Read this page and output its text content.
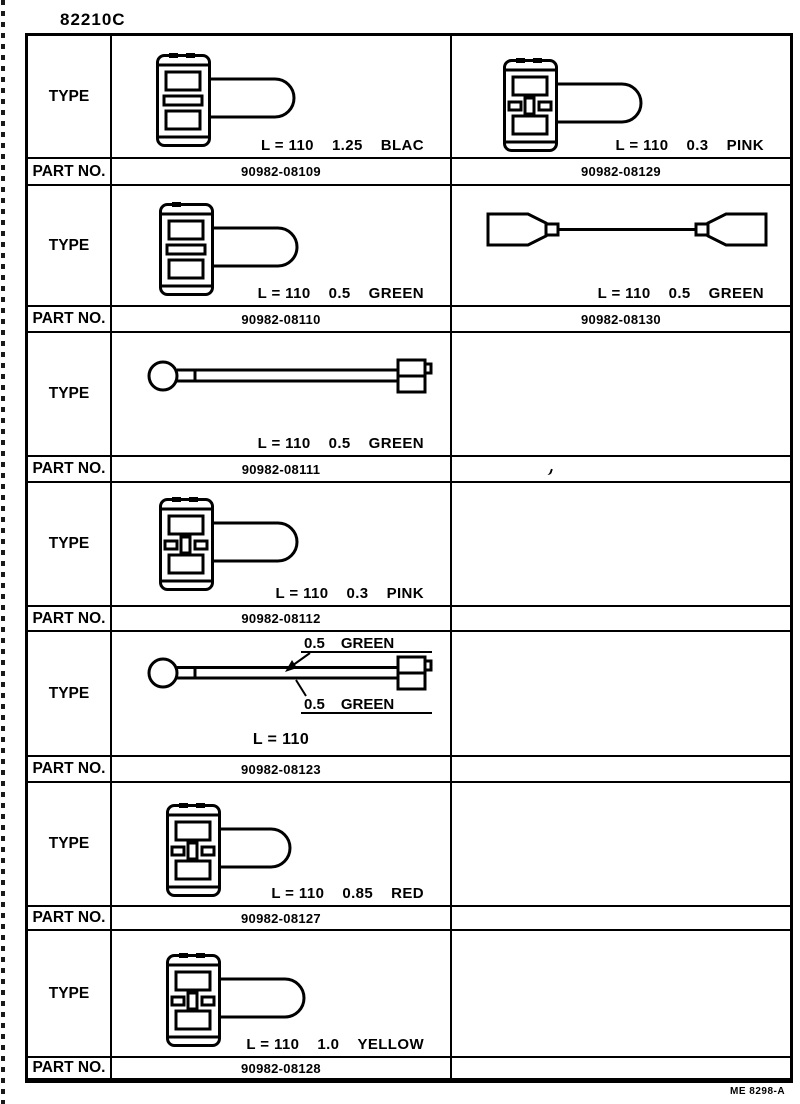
82210C
TYPE
L = 110 1.25 BLAC	L = 110 0.3 PINK
PART NO.	90982-08109	90982-08129
TYPE
L = 110 0.5 GREEN	L = 110 0.5 GREEN
PART NO.	90982-08110	90982-08130
TYPE
L = 110 0.5 GREEN
PART NO.	90982-08111
TYPE
L = 110 0.3 PINK
PART NO.	90982-08112
TYPE
0.5 GREEN
0.5 GREEN
L = 110
PART NO.	90982-08123
TYPE
L = 110 0.85 RED
PART NO.	90982-08127
TYPE
L = 110 1.0 YELLOW
PART NO.	90982-08128
ME 8298-A
